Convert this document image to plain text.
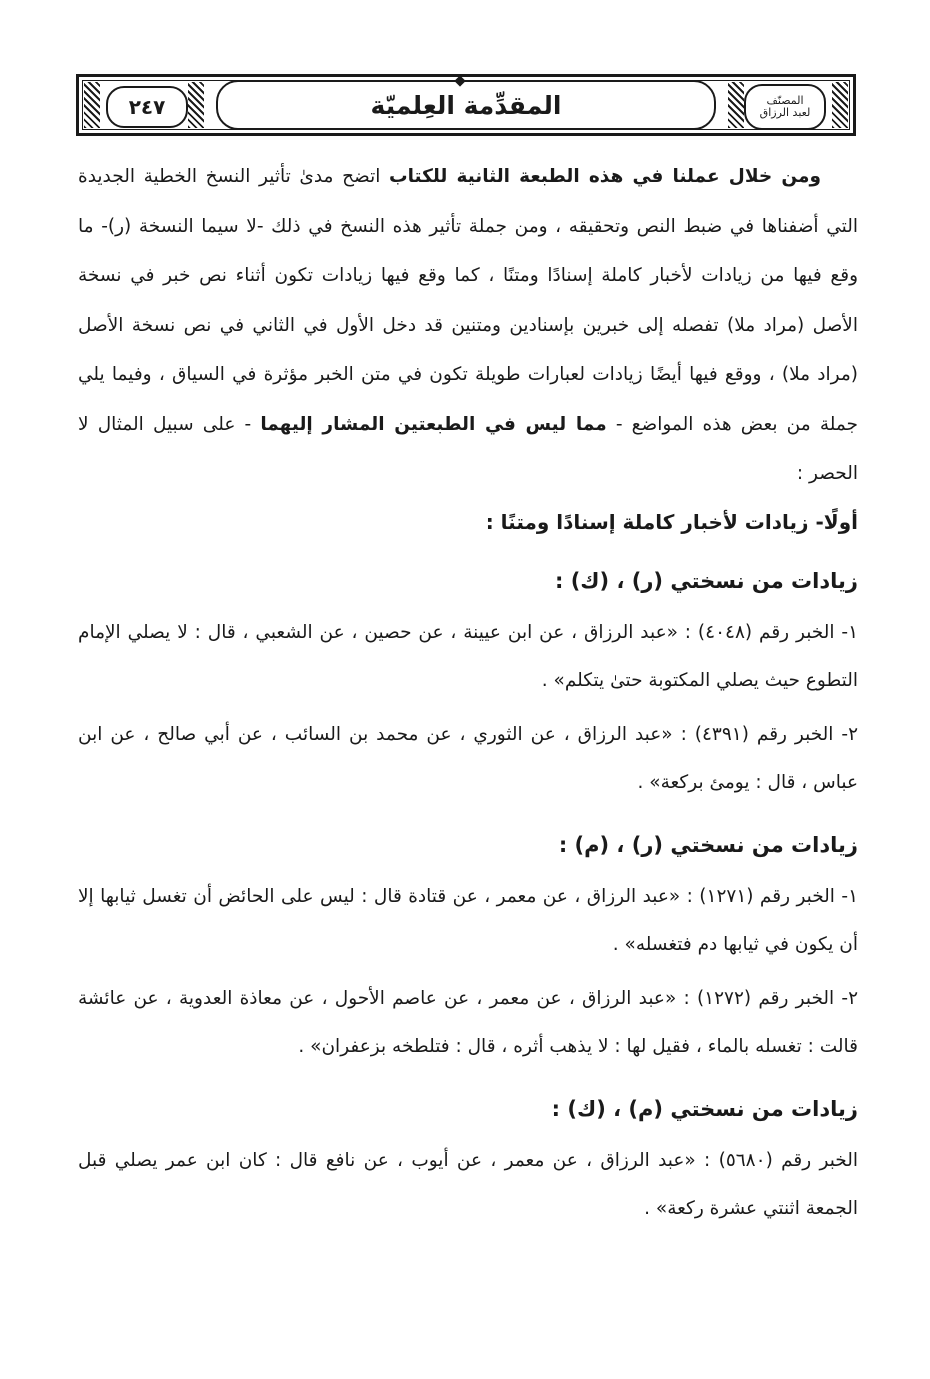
٢٤٧	المقدِّمة العِلميّة	المصنّف
لعبد الرزاق

  ومن خلال عملنا في هذه الطبعة الثانية للكتاب اتضح مدىٰ تأثير النسخ الخطية الجديدة التي أضفناها في ضبط النص وتحقيقه ، ومن جملة تأثير هذه النسخ في ذلك -لا سيما النسخة (ر)- ما وقع فيها من زيادات لأخبار كاملة إسنادًا ومتنًا ، كما وقع فيها زيادات تكون أثناء نص خبر في نسخة الأصل (مراد ملا) تفصله إلى خبرين بإسنادين ومتنين قد دخل الأول في الثاني في نص نسخة الأصل (مراد ملا) ، ووقع فيها أيضًا زيادات لعبارات طويلة تكون في متن الخبر مؤثرة في السياق ، وفيما يلي جملة من بعض هذه المواضع - مما ليس في الطبعتين المشار إليهما - على سبيل المثال لا الحصر :

أولًا- زيادات لأخبار كاملة إسنادًا ومتنًا :

زيادات من نسختي (ر) ، (ك) :

١- الخبر رقم (٤٠٤٨) : «عبد الرزاق ، عن ابن عيينة ، عن حصين ، عن الشعبي ، قال : لا يصلي الإمام التطوع حيث يصلي المكتوبة حتىٰ يتكلم» .

٢- الخبر رقم (٤٣٩١) : «عبد الرزاق ، عن الثوري ، عن محمد بن السائب ، عن أبي صالح ، عن ابن عباس ، قال : يومئ بركعة» .

زيادات من نسختي (ر) ، (م) :

١- الخبر رقم (١٢٧١) : «عبد الرزاق ، عن معمر ، عن قتادة قال : ليس على الحائض أن تغسل ثيابها إلا أن يكون في ثيابها دم فتغسله» .

٢- الخبر رقم (١٢٧٢) : «عبد الرزاق ، عن معمر ، عن عاصم الأحول ، عن معاذة العدوية ، عن عائشة قالت : تغسله بالماء ، فقيل لها : لا يذهب أثره ، قال : فتلطخه بزعفران» .

زيادات من نسختي (م) ، (ك) :

الخبر رقم (٥٦٨٠) : «عبد الرزاق ، عن معمر ، عن أيوب ، عن نافع قال : كان ابن عمر يصلي قبل الجمعة اثنتي عشرة ركعة» .
